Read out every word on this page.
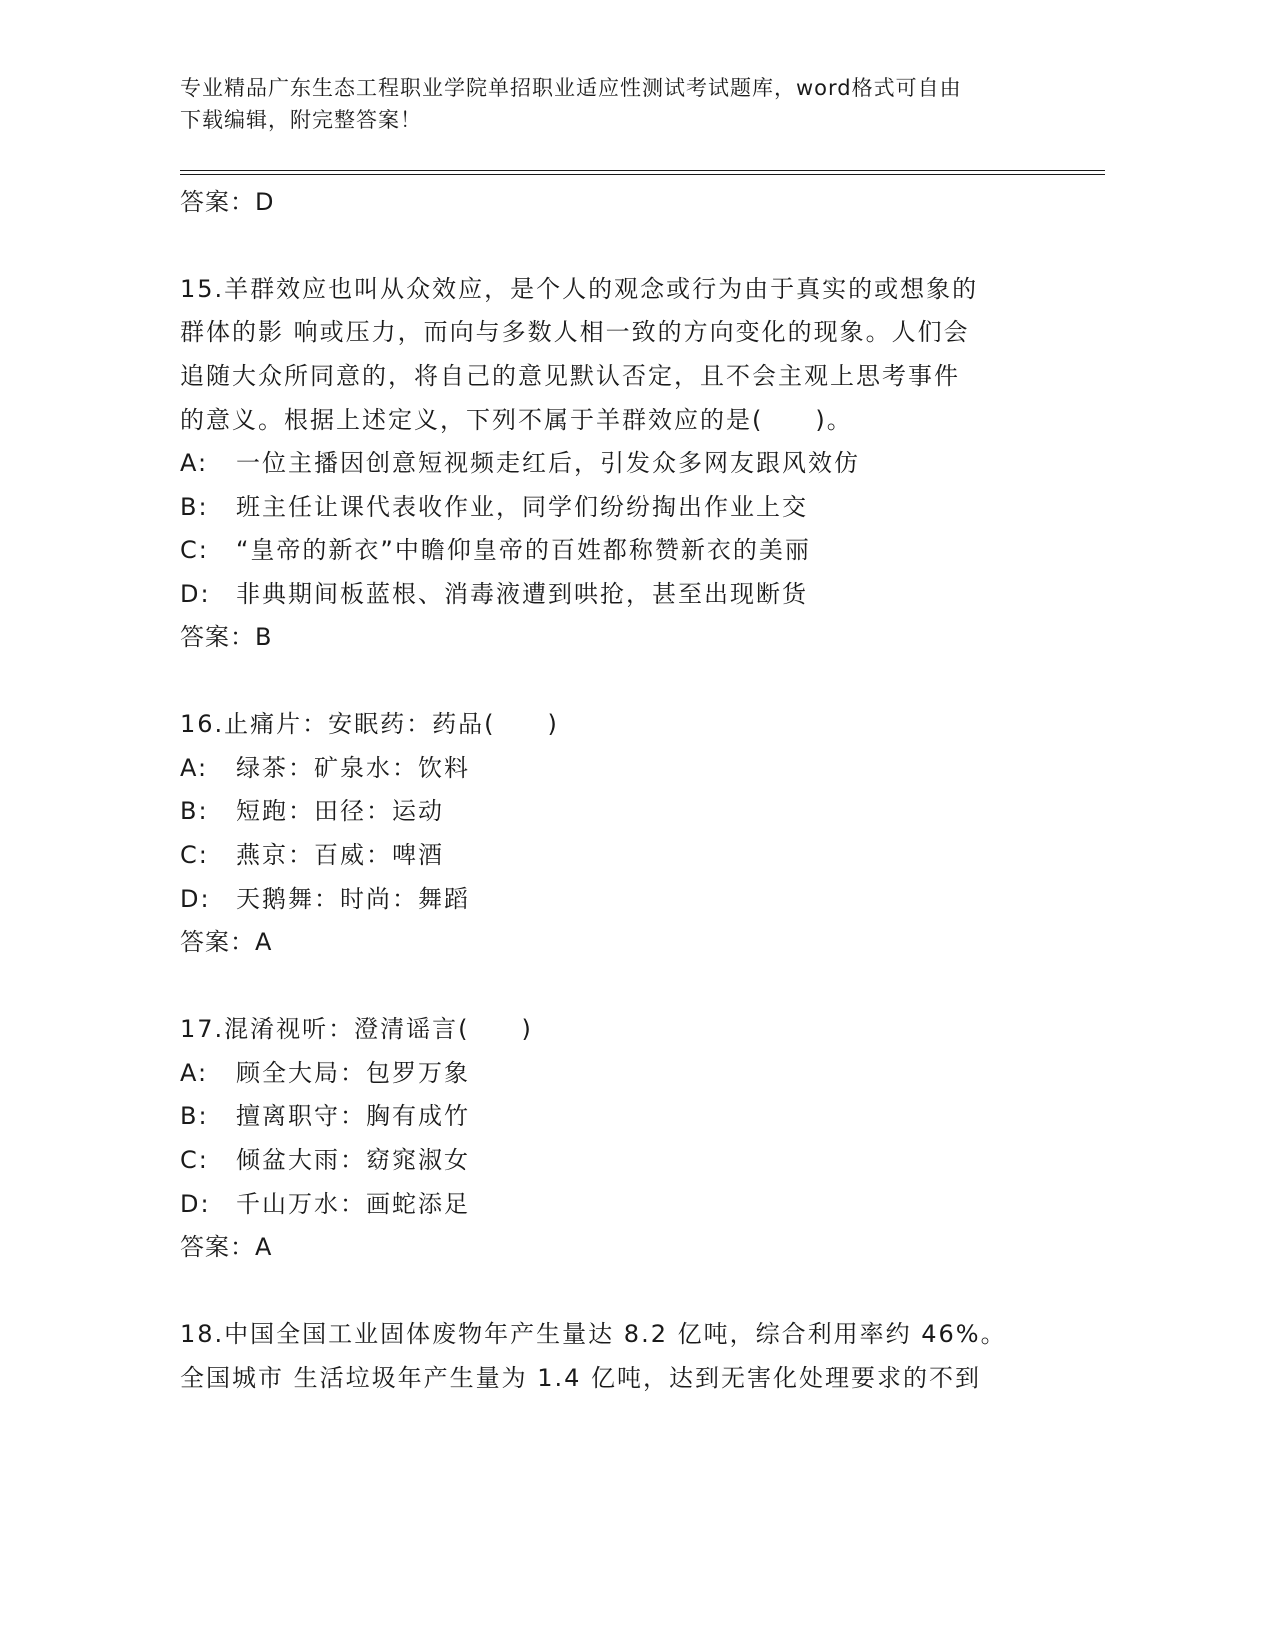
专业精品广东生态工程职业学院单招职业适应性测试考试题库，word格式可自由
下载编辑，附完整答案！
答案：D
15.羊群效应也叫从众效应，是个人的观念或行为由于真实的或想象的
群体的影 响或压力，而向与多数人相一致的方向变化的现象。人们会
追随大众所同意的，将自己的意见默认否定，且不会主观上思考事件
的意义。根据上述定义，下列不属于羊群效应的是(　　)。
A: 一位主播因创意短视频走红后，引发众多网友跟风效仿
B: 班主任让课代表收作业，同学们纷纷掏出作业上交
C: “皇帝的新衣”中瞻仰皇帝的百姓都称赞新衣的美丽
D: 非典期间板蓝根、消毒液遭到哄抢，甚至出现断货
答案：B
16.止痛片：安眠药：药品(　　)
A: 绿茶：矿泉水：饮料
B: 短跑：田径：运动
C: 燕京：百威：啤酒
D: 天鹅舞：时尚：舞蹈
答案：A
17.混淆视听：澄清谣言(　　)
A: 顾全大局：包罗万象
B: 擅离职守：胸有成竹
C: 倾盆大雨：窈窕淑女
D: 千山万水：画蛇添足
答案：A
18.中国全国工业固体废物年产生量达 8.2 亿吨，综合利用率约 46%。
全国城市 生活垃圾年产生量为 1.4 亿吨，达到无害化处理要求的不到
